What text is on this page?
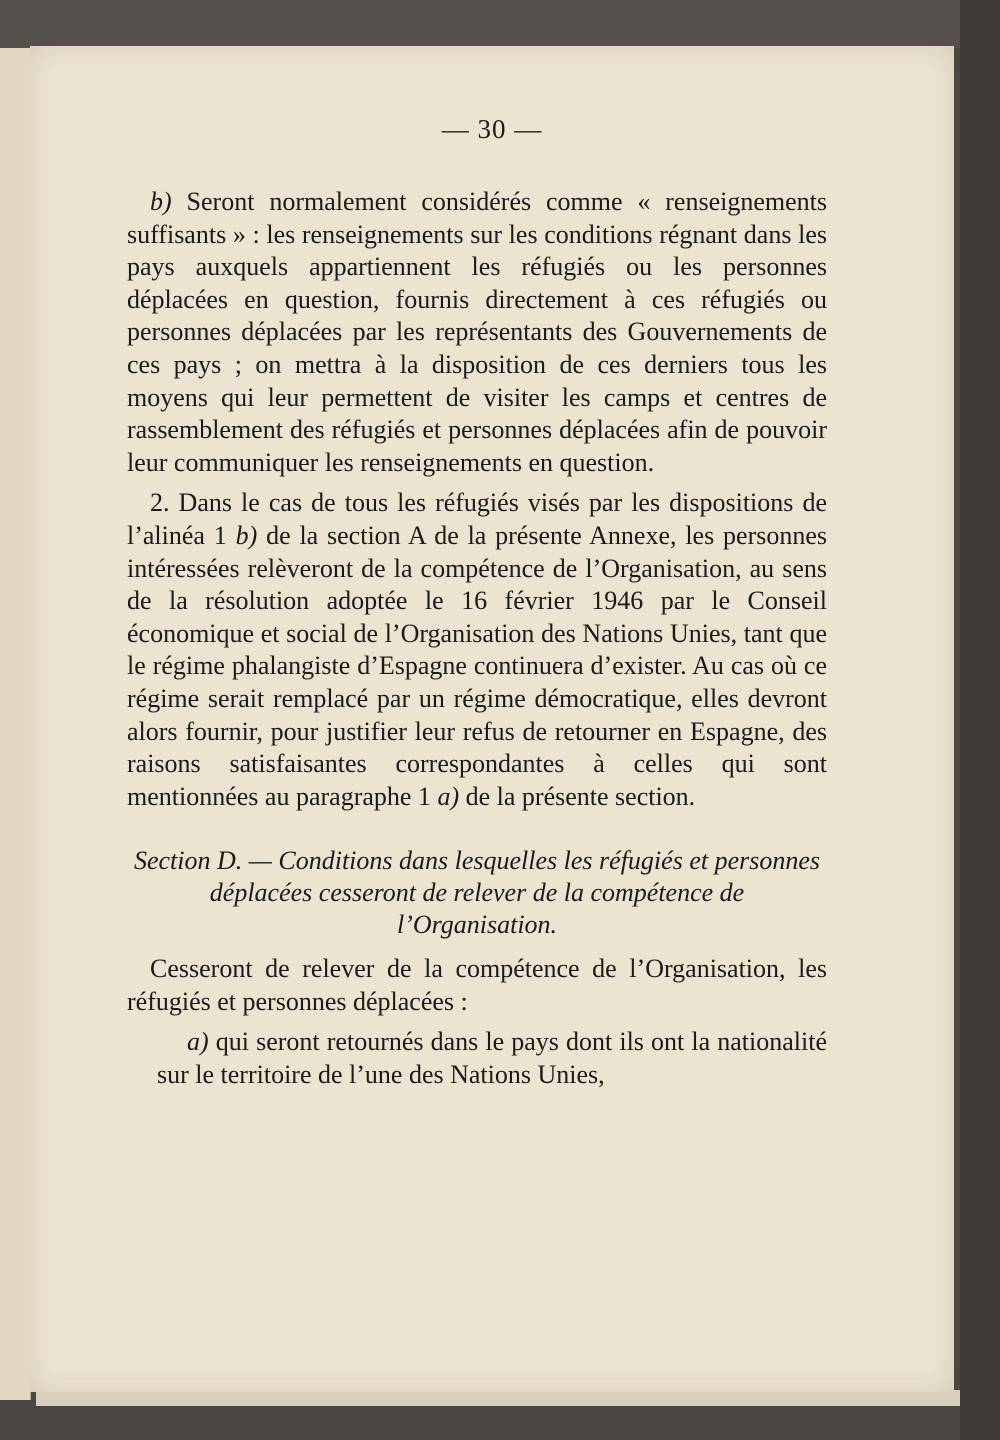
— 30 —

b) Seront normalement considérés comme « renseignements suffisants » : les renseignements sur les conditions régnant dans les pays auxquels appartiennent les réfugiés ou les personnes déplacées en question, fournis directement à ces réfugiés ou personnes déplacées par les représentants des Gouvernements de ces pays ; on mettra à la disposition de ces derniers tous les moyens qui leur permettent de visiter les camps et centres de rassemblement des réfugiés et personnes déplacées afin de pouvoir leur communiquer les renseignements en question.

2. Dans le cas de tous les réfugiés visés par les dispositions de l’alinéa 1 b) de la section A de la présente Annexe, les personnes intéressées relèveront de la compétence de l’Organisation, au sens de la résolution adoptée le 16 février 1946 par le Conseil économique et social de l’Organisation des Nations Unies, tant que le régime phalangiste d’Espagne continuera d’exister. Au cas où ce régime serait remplacé par un régime démocratique, elles devront alors fournir, pour justifier leur refus de retourner en Espagne, des raisons satisfaisantes correspondantes à celles qui sont mentionnées au paragraphe 1 a) de la présente section.

Section D. — Conditions dans lesquelles les réfugiés et personnes déplacées cesseront de relever de la compétence de l’Organisation.

Cesseront de relever de la compétence de l’Organisation, les réfugiés et personnes déplacées :

a) qui seront retournés dans le pays dont ils ont la nationalité sur le territoire de l’une des Nations Unies,
